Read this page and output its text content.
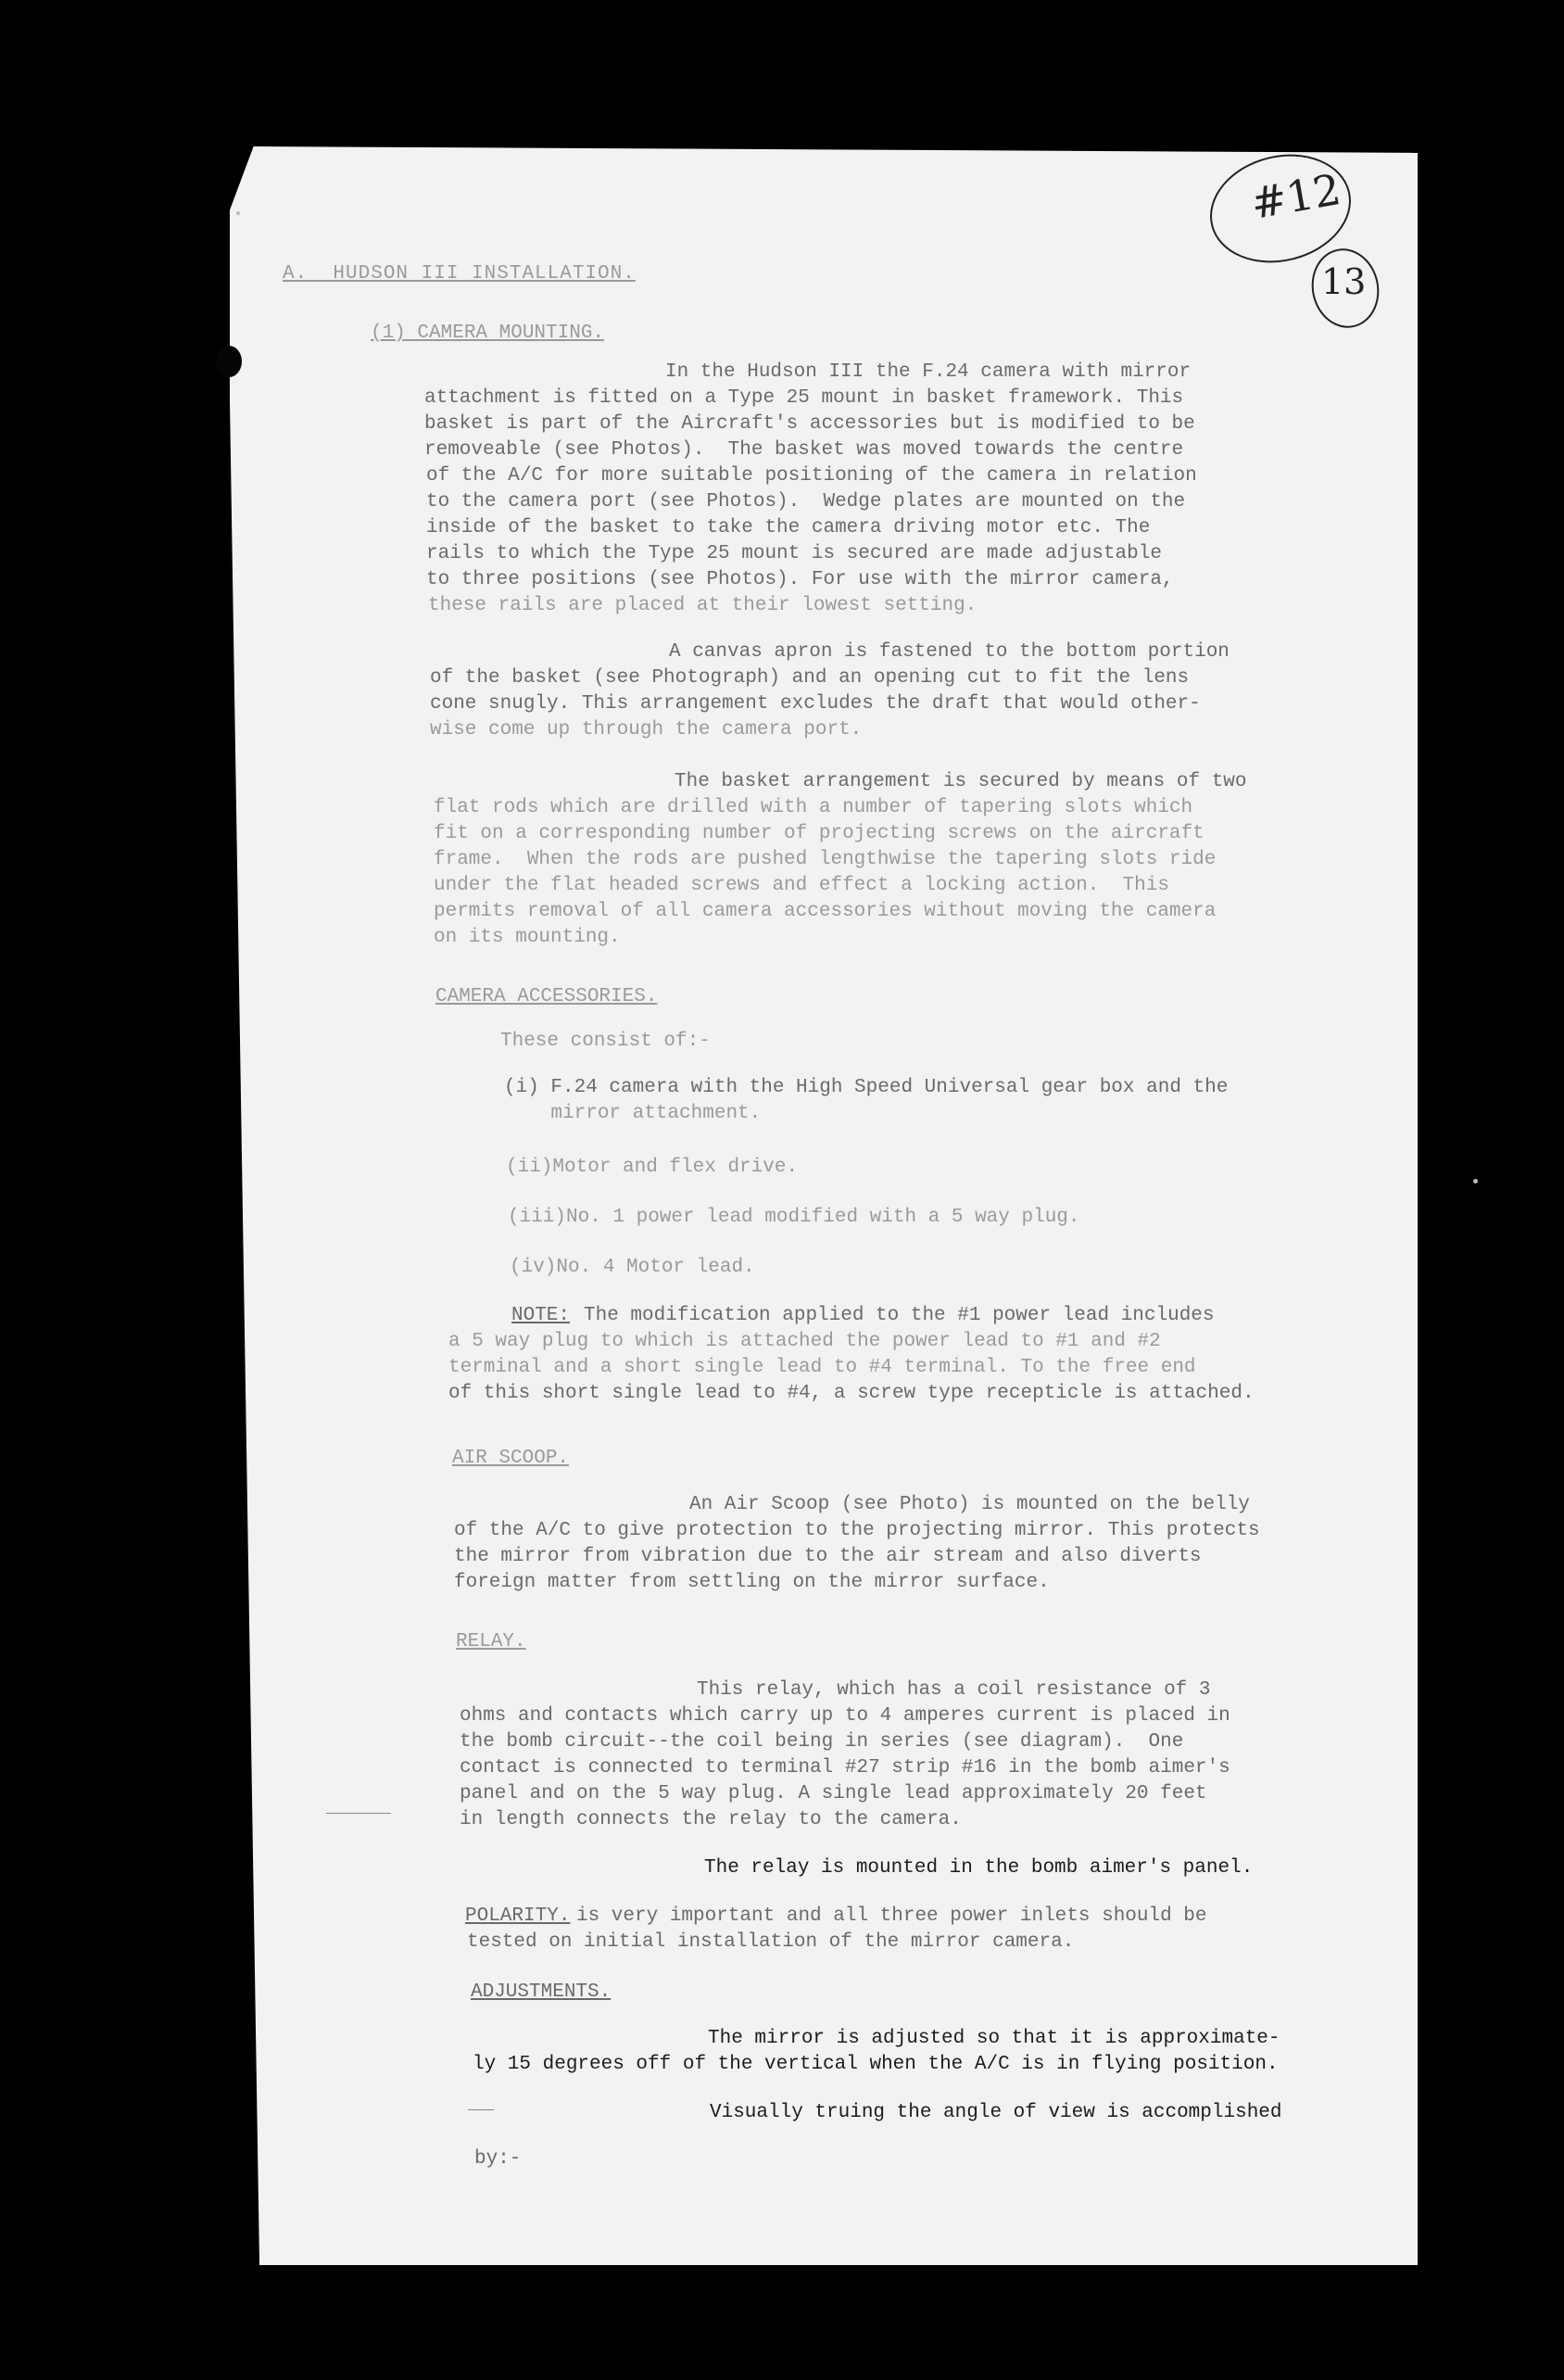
#12
13
A.  HUDSON III INSTALLATION.
(1) CAMERA MOUNTING.
In the Hudson III the F.24 camera with mirror
attachment is fitted on a Type 25 mount in basket framework. This
basket is part of the Aircraft's accessories but is modified to be
removeable (see Photos).  The basket was moved towards the centre
of the A/C for more suitable positioning of the camera in relation
to the camera port (see Photos).  Wedge plates are mounted on the
inside of the basket to take the camera driving motor etc. The
rails to which the Type 25 mount is secured are made adjustable
to three positions (see Photos). For use with the mirror camera,
these rails are placed at their lowest setting.
A canvas apron is fastened to the bottom portion
of the basket (see Photograph) and an opening cut to fit the lens
cone snugly. This arrangement excludes the draft that would other-
wise come up through the camera port.
The basket arrangement is secured by means of two
flat rods which are drilled with a number of tapering slots which
fit on a corresponding number of projecting screws on the aircraft
frame.  When the rods are pushed lengthwise the tapering slots ride
under the flat headed screws and effect a locking action.  This
permits removal of all camera accessories without moving the camera
on its mounting.
CAMERA ACCESSORIES.
These consist of:-
(i) F.24 camera with the High Speed Universal gear box and the
mirror attachment.
(ii)Motor and flex drive.
(iii)No. 1 power lead modified with a 5 way plug.
(iv)No. 4 Motor lead.
NOTE: The modification applied to the #1 power lead includes
a 5 way plug to which is attached the power lead to #1 and #2
terminal and a short single lead to #4 terminal. To the free end
of this short single lead to #4, a screw type recepticle is attached.
AIR SCOOP.
An Air Scoop (see Photo) is mounted on the belly
of the A/C to give protection to the projecting mirror. This protects
the mirror from vibration due to the air stream and also diverts
foreign matter from settling on the mirror surface.
RELAY.
This relay, which has a coil resistance of 3
ohms and contacts which carry up to 4 amperes current is placed in
the bomb circuit--the coil being in series (see diagram).  One
contact is connected to terminal #27 strip #16 in the bomb aimer's
panel and on the 5 way plug. A single lead approximately 20 feet
in length connects the relay to the camera.
The relay is mounted in the bomb aimer's panel.
POLARITY. is very important and all three power inlets should be
tested on initial installation of the mirror camera.
ADJUSTMENTS.
The mirror is adjusted so that it is approximate-
ly 15 degrees off of the vertical when the A/C is in flying position.
Visually truing the angle of view is accomplished
by:-
